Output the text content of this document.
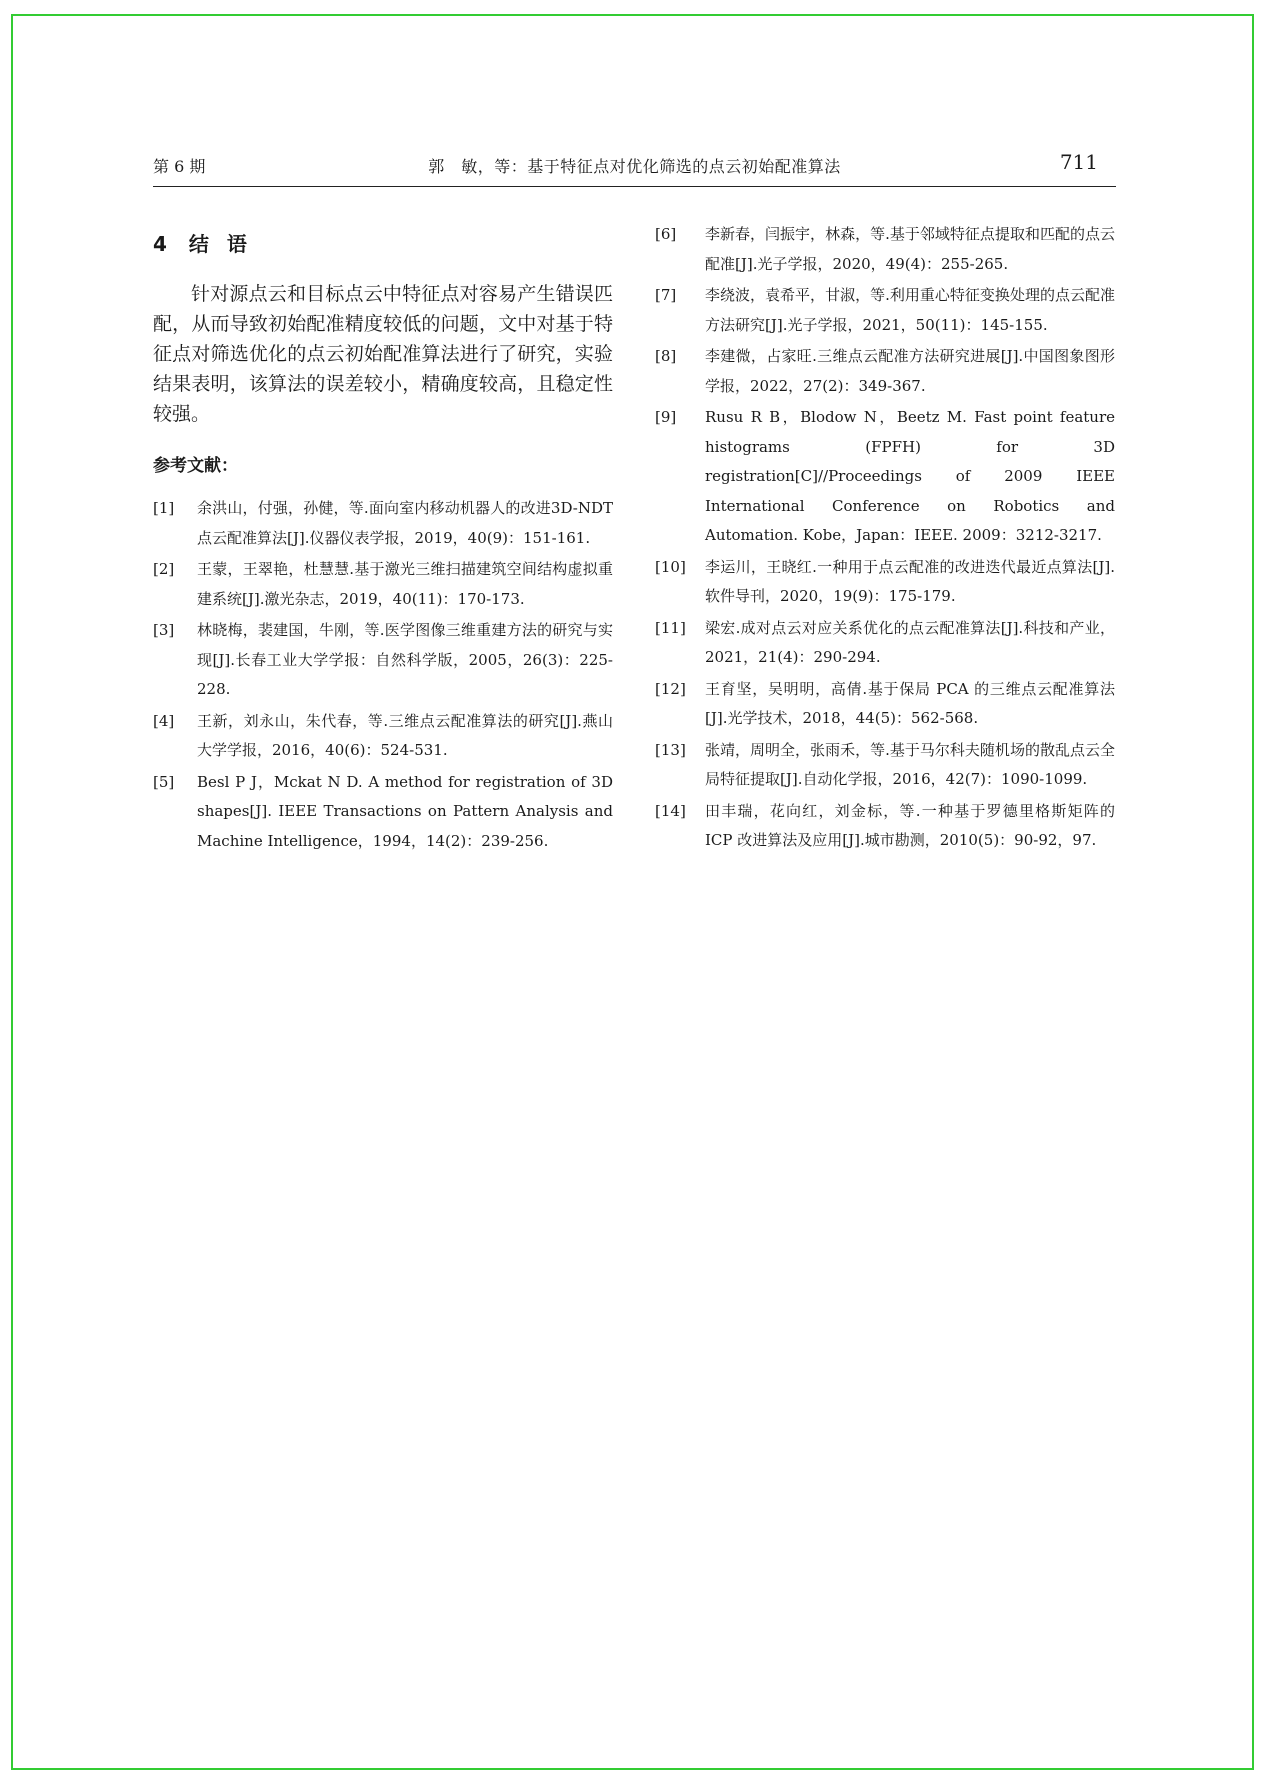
第 6 期	郭　敏，等：基于特征点对优化筛选的点云初始配准算法	711
4 结语

针对源点云和目标点云中特征点对容易产生错误匹配，从而导致初始配准精度较低的问题，文中对基于特征点对筛选优化的点云初始配准算法进行了研究，实验结果表明，该算法的误差较小，精确度较高，且稳定性较强。

参考文献：
[1]	余洪山，付强，孙健，等.面向室内移动机器人的改进3D-NDT 点云配准算法[J].仪器仪表学报，2019，40(9)：151-161.
[2]	王蒙，王翠艳，杜慧慧.基于激光三维扫描建筑空间结构虚拟重建系统[J].激光杂志，2019，40(11)：170-173.
[3]	林晓梅，裴建国，牛刚，等.医学图像三维重建方法的研究与实现[J].长春工业大学学报：自然科学版，2005，26(3)：225-228.
[4]	王新，刘永山，朱代春，等.三维点云配准算法的研究[J].燕山大学学报，2016，40(6)：524-531.
[5]	Besl P J，Mckat N D. A method for registration of 3D shapes[J]. IEEE Transactions on Pattern Analysis and Machine Intelligence，1994，14(2)：239-256.
[6]	李新春，闫振宇，林森，等.基于邻域特征点提取和匹配的点云配准[J].光子学报，2020，49(4)：255-265.
[7]	李绕波，袁希平，甘淑，等.利用重心特征变换处理的点云配准方法研究[J].光子学报，2021，50(11)：145-155.
[8]	李建微，占家旺.三维点云配准方法研究进展[J].中国图象图形学报，2022，27(2)：349-367.
[9]	Rusu R B，Blodow N，Beetz M. Fast point feature histograms (FPFH) for 3D registration[C]//Proceedings of 2009 IEEE International Conference on Robotics and Automation. Kobe，Japan：IEEE. 2009：3212-3217.
[10]	李运川，王晓红.一种用于点云配准的改进迭代最近点算法[J].软件导刊，2020，19(9)：175-179.
[11]	梁宏.成对点云对应关系优化的点云配准算法[J].科技和产业，2021，21(4)：290-294.
[12]	王育坚，吴明明，高倩.基于保局 PCA 的三维点云配准算法[J].光学技术，2018，44(5)：562-568.
[13]	张靖，周明全，张雨禾，等.基于马尔科夫随机场的散乱点云全局特征提取[J].自动化学报，2016，42(7)：1090-1099.
[14]	田丰瑞，花向红，刘金标，等.一种基于罗德里格斯矩阵的 ICP 改进算法及应用[J].城市勘测，2010(5)：90-92，97.
